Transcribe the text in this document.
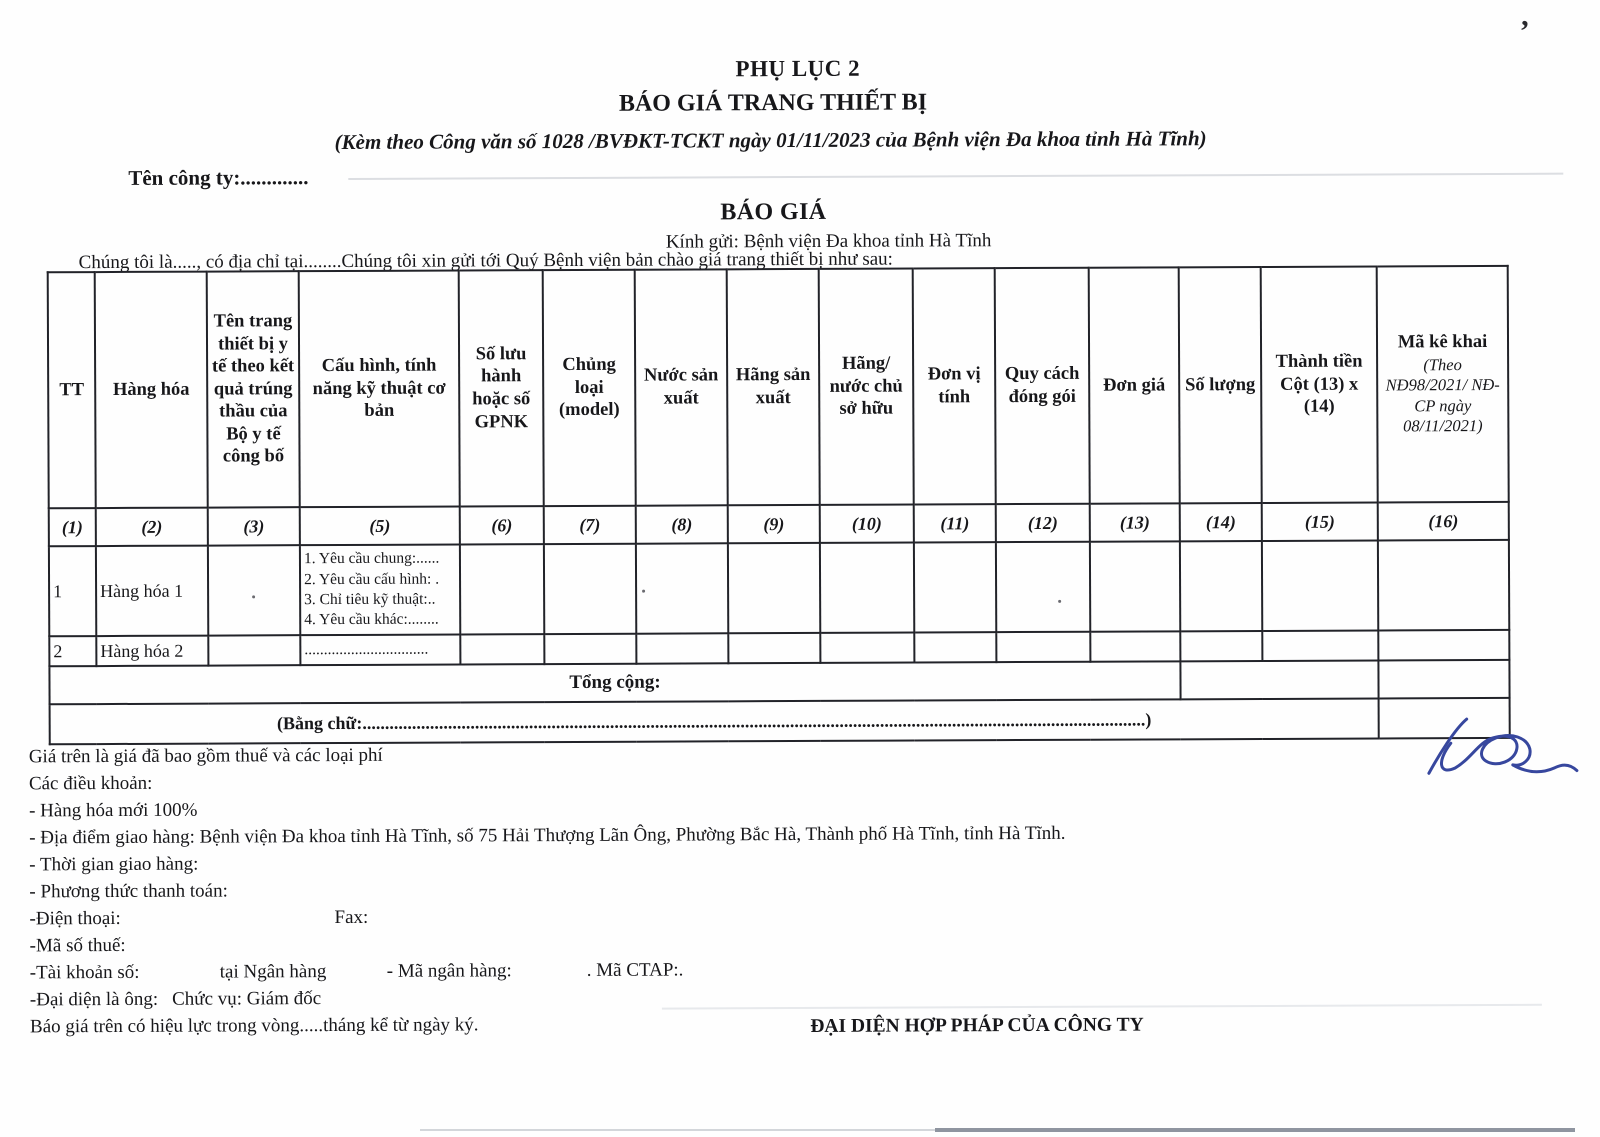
PHỤ LỤC 2
BÁO GIÁ TRANG THIẾT BỊ
(Kèm theo Công văn số 1028 /BVĐKT-TCKT ngày 01/11/2023 của Bệnh viện Đa khoa tỉnh Hà Tĩnh)
Tên công ty:.............
BÁO GIÁ
Kính gửi: Bệnh viện Đa khoa tỉnh Hà Tĩnh
Chúng tôi là....., có địa chỉ tại........Chúng tôi xin gửi tới Quý Bệnh viện bản chào giá trang thiết bị như sau:
TT	Hàng hóa	Tên trang thiết bị y tế theo kết quả trúng thầu của Bộ y tế công bố	Cấu hình, tính năng kỹ thuật cơ bản	Số lưu hành hoặc số GPNK	Chủng loại (model)	Nước sản xuất	Hãng sản xuất	Hãng/ nước chủ sở hữu	Đơn vị tính	Quy cách đóng gói	Đơn giá	Số lượng	Thành tiền Cột (13) x (14)	Mã kê khai
(Theo NĐ98/2021/ NĐ-CP ngày 08/11/2021)

(1)	(2)	(3)	(5)	(6)	(7)	(8)	(9)	(10)	(11)	(12)	(13)	(14)	(15)	(16)
1	Hàng hóa 1		1. Yêu cầu chung:......
2. Yêu cầu cấu hình: .
3. Chỉ tiêu kỹ thuật:..
4. Yêu cầu khác:........											

2	Hàng hóa 2		................................											

Tổng cộng:														
(Bằng chữ:..............................................................................................................................................................................)														
Giá trên là giá đã bao gồm thuế và các loại phí
Các điều khoản:
- Hàng hóa mới 100%
- Địa điểm giao hàng: Bệnh viện Đa khoa tỉnh Hà Tĩnh, số 75 Hải Thượng Lãn Ông, Phường Bắc Hà, Thành phố Hà Tĩnh, tỉnh Hà Tĩnh.
- Thời gian giao hàng:
- Phương thức thanh toán:
-Điện thoại:	Fax:
-Mã số thuế:
-Tài khoản số:	tại Ngân hàng	- Mã ngân hàng:	. Mã CTAP:.
-Đại diện là ông: Chức vụ: Giám đốc
Báo giá trên có hiệu lực trong vòng.....tháng kể từ ngày ký.	ĐẠI DIỆN HỢP PHÁP CỦA CÔNG TY
’
